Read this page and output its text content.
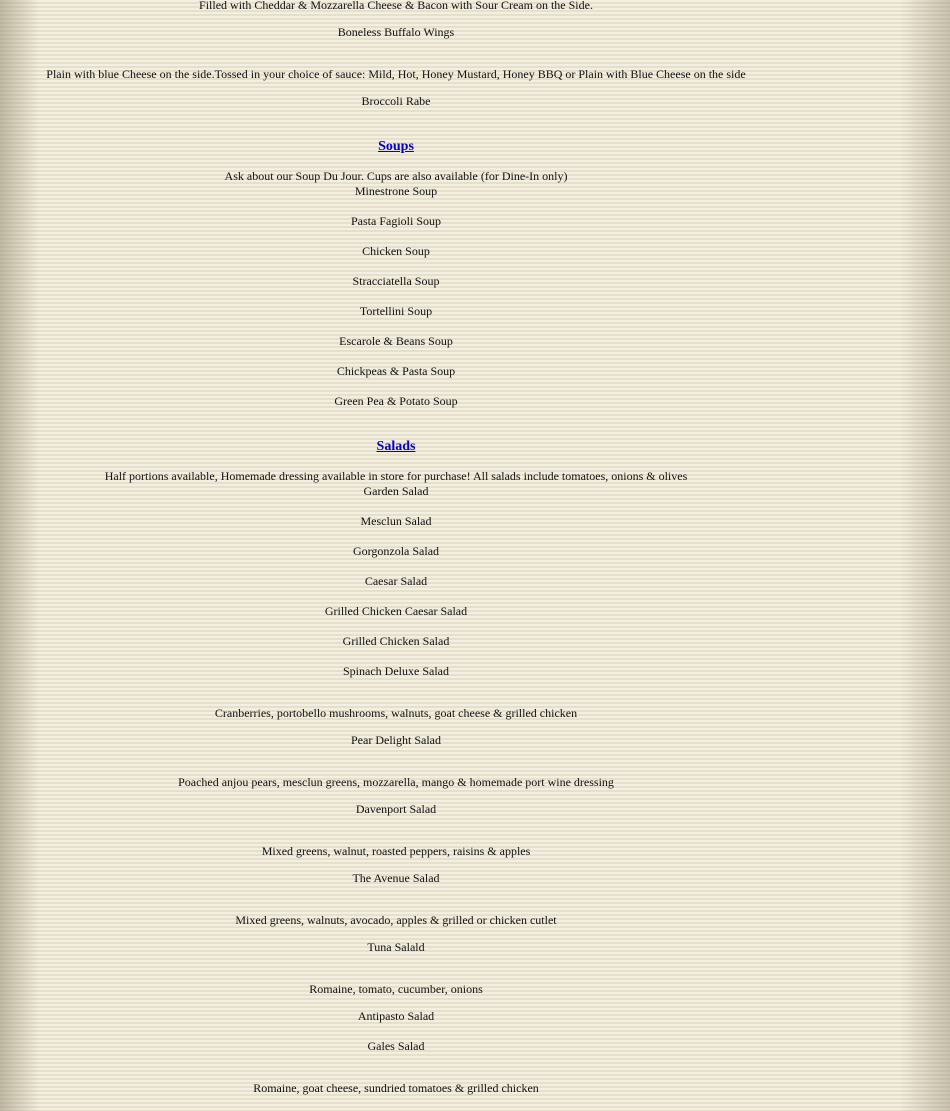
Filled with Cheddar & Mozzarella Cheese & Bacon with Sour Cream on the Side.
Boneless Buffalo Wings
Plain with blue Cheese on the side.Tossed in your choice of sauce: Mild, Hot, Honey Mustard, Honey BBQ or Plain with Blue Cheese on the side
Broccoli Rabe
Soups
Ask about our Soup Du Jour. Cups are also available (for Dine-In only)
Minestrone Soup
Pasta Fagioli Soup
Chicken Soup
Stracciatella Soup
Tortellini Soup
Escarole & Beans Soup
Chickpeas & Pasta Soup
Green Pea & Potato Soup
Salads
Half portions available, Homemade dressing available in store for purchase! All salads include tomatoes, onions & olives
Garden Salad
Mesclun Salad
Gorgonzola Salad
Caesar Salad
Grilled Chicken Caesar Salad
Grilled Chicken Salad
Spinach Deluxe Salad
Cranberries, portobello mushrooms, walnuts, goat cheese & grilled chicken
Pear Delight Salad
Poached anjou pears, mesclun greens, mozzarella, mango & homemade port wine dressing
Davenport Salad
Mixed greens, walnut, roasted peppers, raisins & apples
The Avenue Salad
Mixed greens, walnuts, avocado, apples & grilled or chicken cutlet
Tuna Salald
Romaine, tomato, cucumber, onions
Antipasto Salad
Gales Salad
Romaine, goat cheese, sundried tomatoes & grilled chicken
